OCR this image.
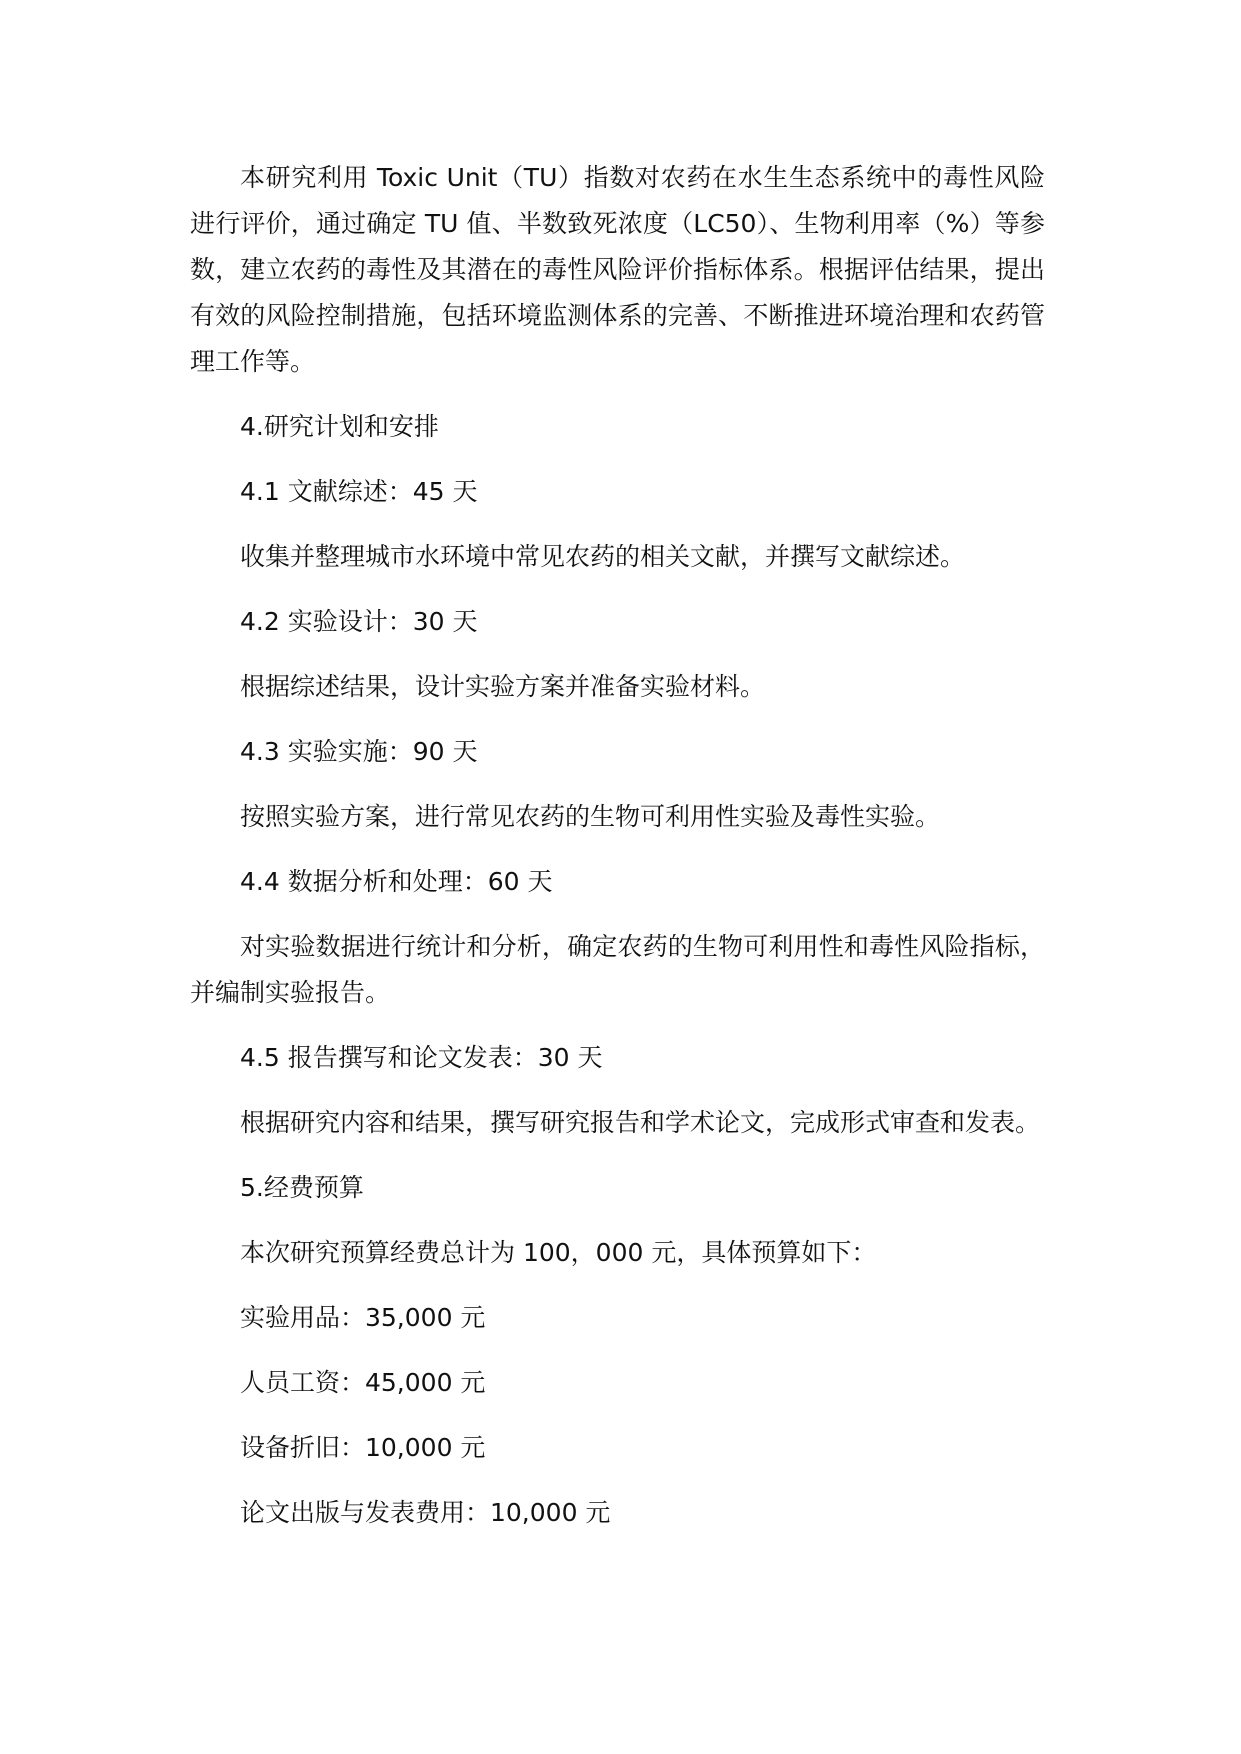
本研究利用 Toxic Unit（TU）指数对农药在水生生态系统中的毒性风险进行评价，通过确定 TU 值、半数致死浓度（LC50）、生物利用率（%）等参数，建立农药的毒性及其潜在的毒性风险评价指标体系。根据评估结果，提出有效的风险控制措施，包括环境监测体系的完善、不断推进环境治理和农药管理工作等。

4.研究计划和安排

4.1 文献综述：45 天

收集并整理城市水环境中常见农药的相关文献，并撰写文献综述。

4.2 实验设计：30 天

根据综述结果，设计实验方案并准备实验材料。

4.3 实验实施：90 天

按照实验方案，进行常见农药的生物可利用性实验及毒性实验。

4.4 数据分析和处理：60 天

对实验数据进行统计和分析，确定农药的生物可利用性和毒性风险指标，并编制实验报告。

4.5 报告撰写和论文发表：30 天

根据研究内容和结果，撰写研究报告和学术论文，完成形式审查和发表。

5.经费预算

本次研究预算经费总计为 100，000 元，具体预算如下：

实验用品：35,000 元

人员工资：45,000 元

设备折旧：10,000 元

论文出版与发表费用：10,000 元
